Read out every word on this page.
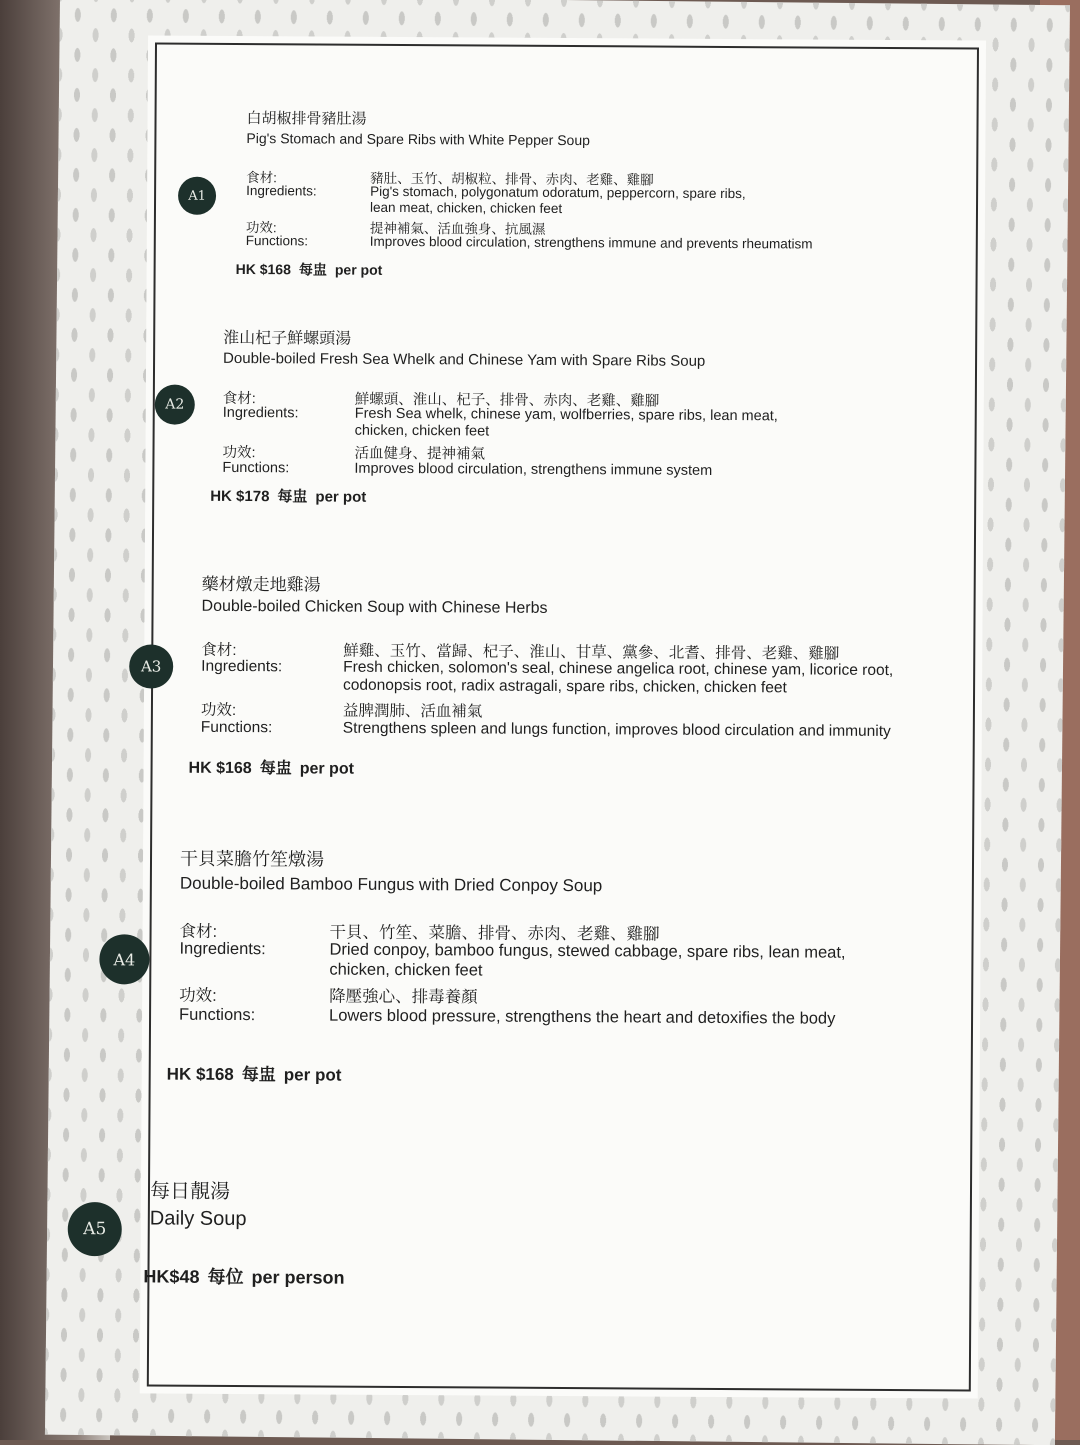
白胡椒排骨豬肚湯
Pig's Stomach and Spare Ribs with White Pepper Soup
A1
食材:	豬肚、玉竹、胡椒粒、排骨、赤肉、老雞、雞腳
Ingredients:	Pig's stomach, polygonatum odoratum, peppercorn, spare ribs,
lean meat, chicken, chicken feet
功效:	提神補氣、活血強身、抗風濕
Functions:	Improves blood circulation, strengthens immune and prevents rheumatism
HK $168 每盅 per pot
淮山杞子鮮螺頭湯
Double-boiled Fresh Sea Whelk and Chinese Yam with Spare Ribs Soup
A2	食材:	鮮螺頭、淮山、杞子、排骨、赤肉、老雞、雞腳
Ingredients:	Fresh Sea whelk, chinese yam, wolfberries, spare ribs, lean meat,
chicken, chicken feet
功效:	活血健身、提神補氣
Functions:	Improves blood circulation, strengthens immune system
HK $178 每盅 per pot
藥材燉走地雞湯
Double-boiled Chicken Soup with Chinese Herbs
A3
食材:	鮮雞、玉竹、當歸、杞子、淮山、甘草、黨參、北耆、排骨、老雞、雞腳
Ingredients:	Fresh chicken, solomon's seal, chinese angelica root, chinese yam, licorice root,
codonopsis root, radix astragali, spare ribs, chicken, chicken feet
功效:	益脾潤肺、活血補氣
Functions:	Strengthens spleen and lungs function, improves blood circulation and immunity
HK $168 每盅 per pot
干貝菜膽竹笙燉湯
Double-boiled Bamboo Fungus with Dried Conpoy Soup
A4
食材:	干貝、竹笙、菜膽、排骨、赤肉、老雞、雞腳
Ingredients:	Dried conpoy, bamboo fungus, stewed cabbage, spare ribs, lean meat,
chicken, chicken feet
功效:	降壓強心、排毒養顏
Functions:	Lowers blood pressure, strengthens the heart and detoxifies the body
HK $168 每盅 per pot
每日靚湯
Daily Soup
A5
HK$48 每位 per person
